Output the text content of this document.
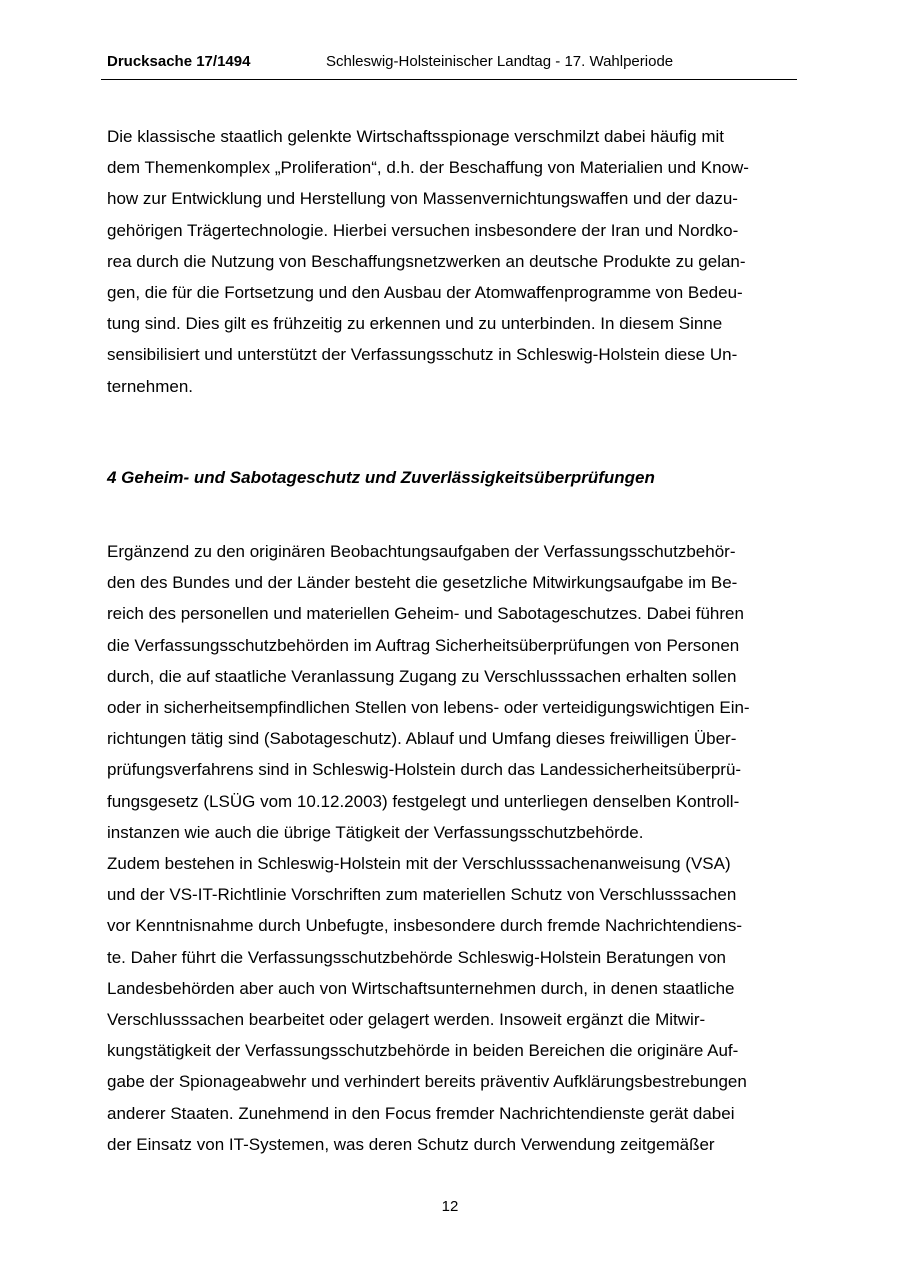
Drucksache 17/1494	Schleswig-Holsteinischer Landtag - 17. Wahlperiode
Die klassische staatlich gelenkte Wirtschaftsspionage verschmilzt dabei häufig mit
dem Themenkomplex „Proliferation“, d.h. der Beschaffung von Materialien und Know-
how zur Entwicklung und Herstellung von Massenvernichtungswaffen und der dazu-
gehörigen Trägertechnologie. Hierbei versuchen insbesondere der Iran und Nordko-
rea durch die Nutzung von Beschaffungsnetzwerken an deutsche Produkte zu gelan-
gen, die für die Fortsetzung und den Ausbau der Atomwaffenprogramme von Bedeu-
tung sind. Dies gilt es frühzeitig zu erkennen und zu unterbinden. In diesem Sinne
sensibilisiert und unterstützt der Verfassungsschutz in Schleswig-Holstein diese Un-
ternehmen.
4 Geheim- und Sabotageschutz und Zuverlässigkeitsüberprüfungen
Ergänzend zu den originären Beobachtungsaufgaben der Verfassungsschutzbehör-
den des Bundes und der Länder besteht die gesetzliche Mitwirkungsaufgabe im Be-
reich des personellen und materiellen Geheim- und Sabotageschutzes. Dabei führen
die Verfassungsschutzbehörden im Auftrag Sicherheitsüberprüfungen von Personen
durch, die auf staatliche Veranlassung Zugang zu Verschlusssachen erhalten sollen
oder in sicherheitsempfindlichen Stellen von lebens- oder verteidigungswichtigen Ein-
richtungen tätig sind (Sabotageschutz). Ablauf und Umfang dieses freiwilligen Über-
prüfungsverfahrens sind in Schleswig-Holstein durch das Landessicherheitsüberprü-
fungsgesetz (LSÜG vom 10.12.2003) festgelegt und unterliegen denselben Kontroll-
instanzen wie auch die übrige Tätigkeit der Verfassungsschutzbehörde.
Zudem bestehen in Schleswig-Holstein mit der Verschlusssachenanweisung (VSA)
und der VS-IT-Richtlinie Vorschriften zum materiellen Schutz von Verschlusssachen
vor Kenntnisnahme durch Unbefugte, insbesondere durch fremde Nachrichtendiens-
te. Daher führt die Verfassungsschutzbehörde Schleswig-Holstein Beratungen von
Landesbehörden aber auch von Wirtschaftsunternehmen durch, in denen staatliche
Verschlusssachen bearbeitet oder gelagert werden. Insoweit ergänzt die Mitwir-
kungstätigkeit der Verfassungsschutzbehörde in beiden Bereichen die originäre Auf-
gabe der Spionageabwehr und verhindert bereits präventiv Aufklärungsbestrebungen
anderer Staaten. Zunehmend in den Focus fremder Nachrichtendienste gerät dabei
der Einsatz von IT-Systemen, was deren Schutz durch Verwendung zeitgemäßer
12
